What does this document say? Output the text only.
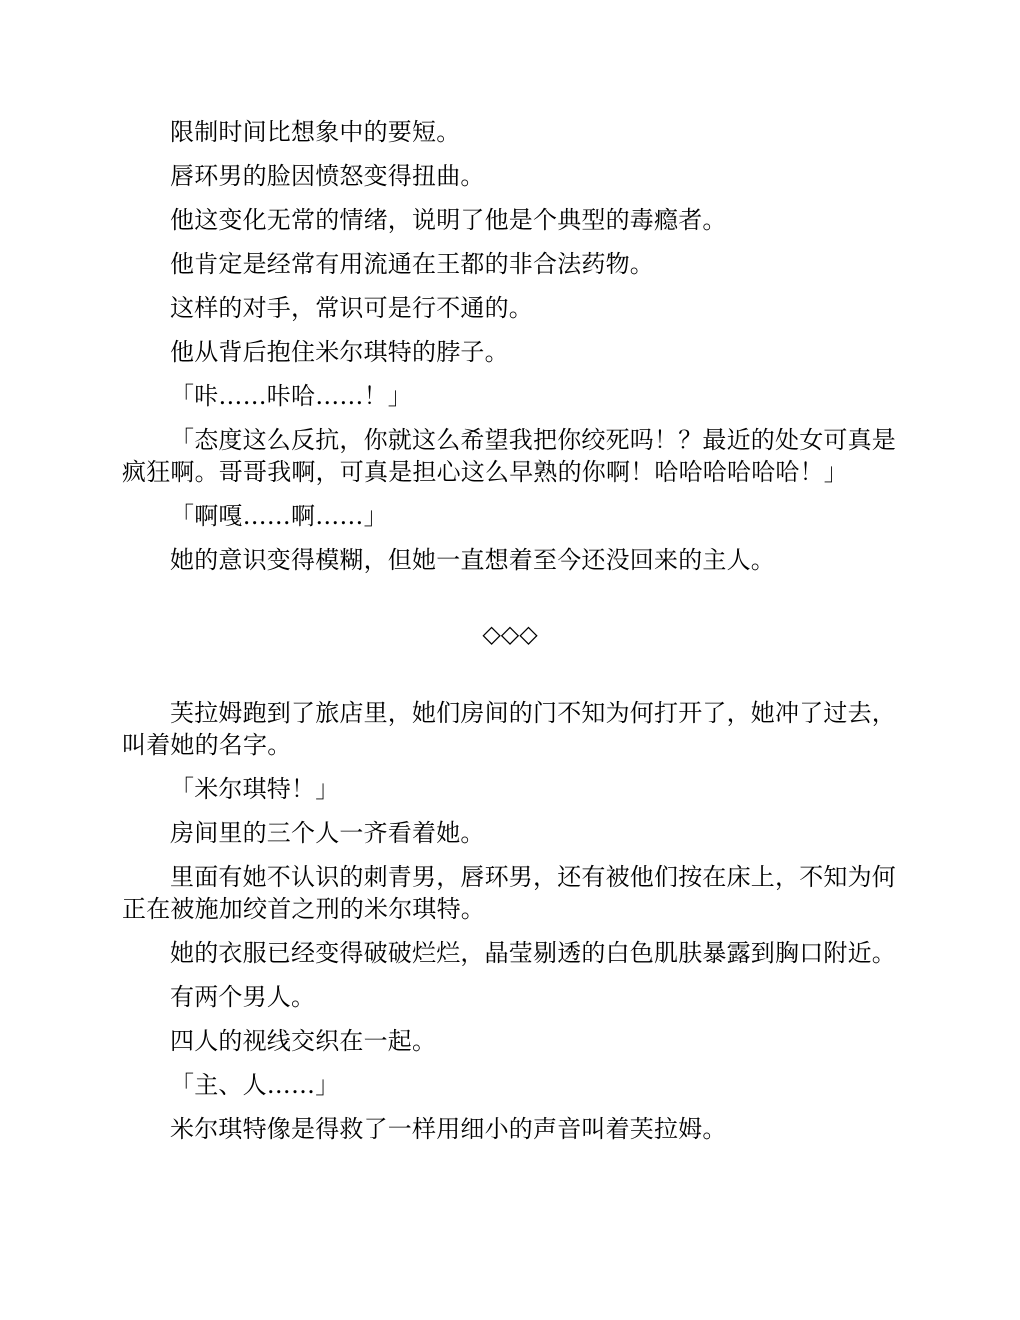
限制时间比想象中的要短。

唇环男的脸因愤怒变得扭曲。

他这变化无常的情绪，说明了他是个典型的毒瘾者。

他肯定是经常有用流通在王都的非合法药物。

这样的对手，常识可是行不通的。

他从背后抱住米尔琪特的脖子。

「咔……咔哈……！」

「态度这么反抗，你就这么希望我把你绞死吗！？最近的处女可真是疯狂啊。哥哥我啊，可真是担心这么早熟的你啊！哈哈哈哈哈哈！」

「啊嘎……啊……」

她的意识变得模糊，但她一直想着至今还没回来的主人。

◇◇◇

芙拉姆跑到了旅店里，她们房间的门不知为何打开了，她冲了过去，叫着她的名字。

「米尔琪特！」

房间里的三个人一齐看着她。

里面有她不认识的刺青男，唇环男，还有被他们按在床上，不知为何正在被施加绞首之刑的米尔琪特。

她的衣服已经变得破破烂烂，晶莹剔透的白色肌肤暴露到胸口附近。

有两个男人。

四人的视线交织在一起。

「主、人……」

米尔琪特像是得救了一样用细小的声音叫着芙拉姆。
